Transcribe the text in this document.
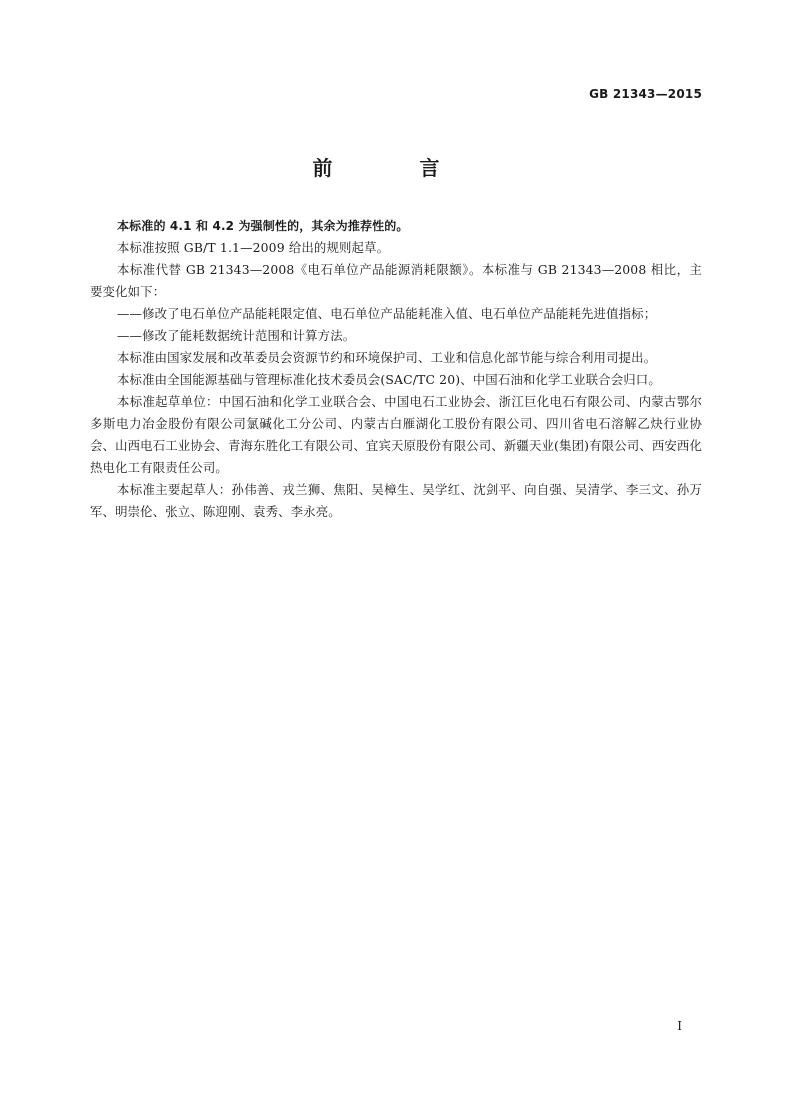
GB 21343—2015
前 言

本标准的 4.1 和 4.2 为强制性的，其余为推荐性的。

本标准按照 GB/T 1.1—2009 给出的规则起草。

本标准代替 GB 21343—2008《电石单位产品能源消耗限额》。本标准与 GB 21343—2008 相比，主要变化如下：

——修改了电石单位产品能耗限定值、电石单位产品能耗准入值、电石单位产品能耗先进值指标；

——修改了能耗数据统计范围和计算方法。

本标准由国家发展和改革委员会资源节约和环境保护司、工业和信息化部节能与综合利用司提出。

本标准由全国能源基础与管理标准化技术委员会(SAC/TC 20)、中国石油和化学工业联合会归口。

本标准起草单位：中国石油和化学工业联合会、中国电石工业协会、浙江巨化电石有限公司、内蒙古鄂尔多斯电力冶金股份有限公司氯碱化工分公司、内蒙古白雁湖化工股份有限公司、四川省电石溶解乙炔行业协会、山西电石工业协会、青海东胜化工有限公司、宜宾天原股份有限公司、新疆天业(集团)有限公司、西安西化热电化工有限责任公司。

本标准主要起草人：孙伟善、戎兰狮、焦阳、吴樟生、吴学红、沈剑平、向自强、吴清学、李三文、孙万军、明崇伦、张立、陈迎刚、袁秀、李永亮。

I
